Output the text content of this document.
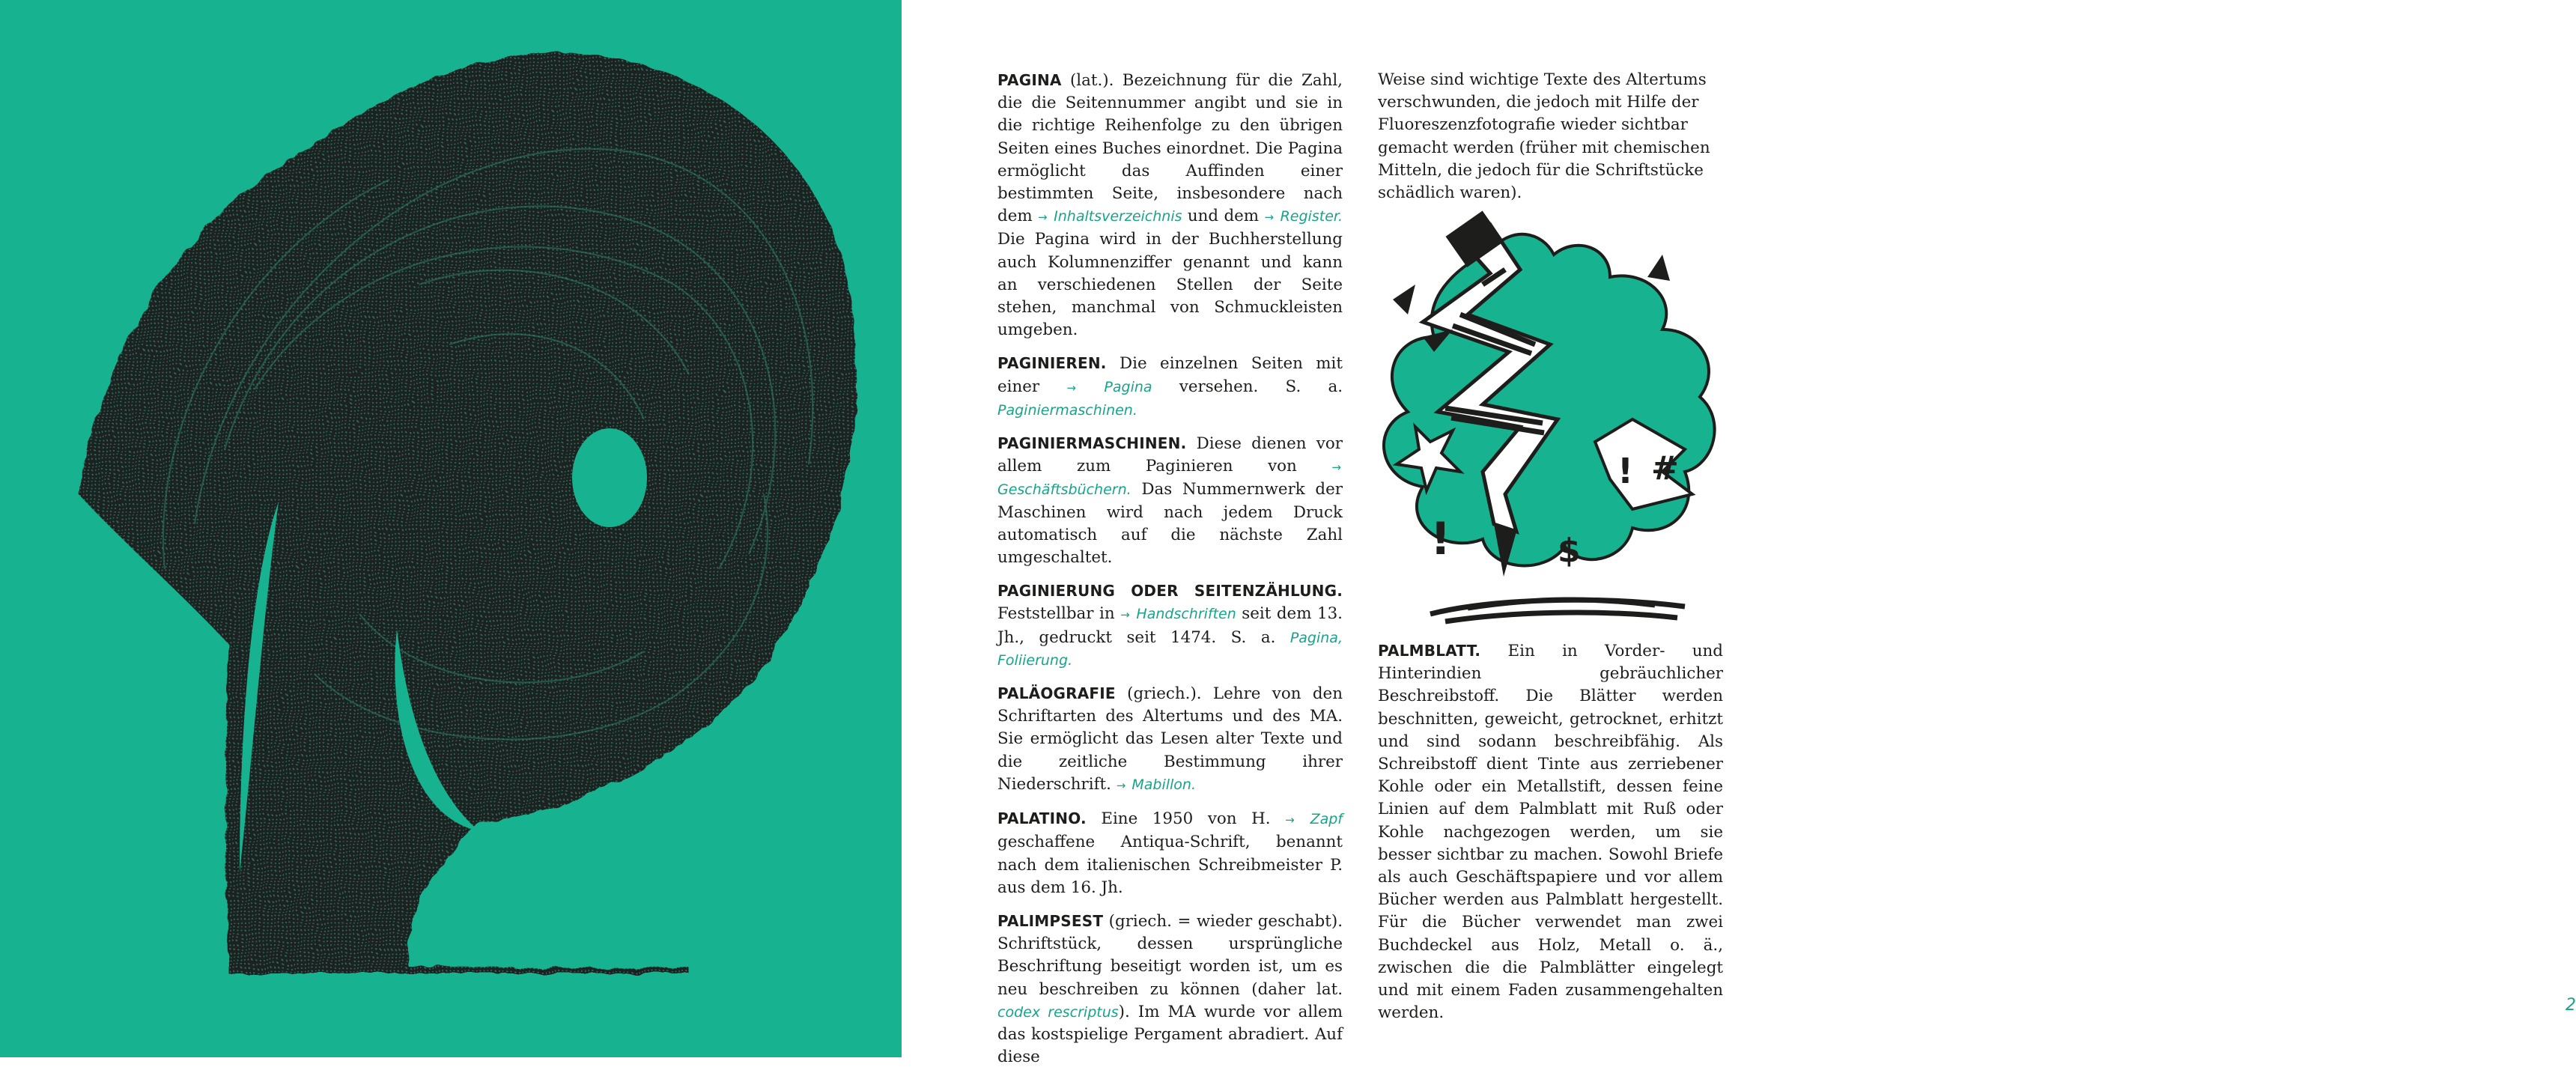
PAGINA (lat.). Bezeichnung für die Zahl, die die Seitennummer angibt und sie in die richtige Reihenfolge zu den übrigen Seiten eines Buches einordnet. Die Pagina ermöglicht das Auffinden einer bestimmten Seite, insbesondere nach dem → Inhaltsverzeichnis und dem → Register. Die Pagina wird in der Buchherstellung auch Kolumnenziffer genannt und kann an verschiedenen Stellen der Seite stehen, manchmal von Schmuckleisten umgeben.

PAGINIEREN. Die einzelnen Seiten mit einer → Pagina versehen. S. a. Paginiermaschinen.

PAGINIERMASCHINEN. Diese dienen vor allem zum Paginieren von → Geschäftsbüchern. Das Nummernwerk der Maschinen wird nach jedem Druck automatisch auf die nächste Zahl umgeschaltet.

PAGINIERUNG ODER SEITENZÄHLUNG. Feststellbar in → Handschriften seit dem 13. Jh., gedruckt seit 1474. S. a. Pagina, Foliierung.

PALÄOGRAFIE (griech.). Lehre von den Schriftarten des Altertums und des MA. Sie ermöglicht das Lesen alter Texte und die zeitliche Bestimmung ihrer Niederschrift. → Mabillon.

PALATINO. Eine 1950 von H. → Zapf geschaffene Antiqua-Schrift, benannt nach dem italienischen Schreibmeister P. aus dem 16. Jh.

PALIMPSEST (griech. = wieder geschabt). Schriftstück, dessen ursprüngliche Beschriftung beseitigt worden ist, um es neu beschreiben zu können (daher lat. codex rescriptus). Im MA wurde vor allem das kostspielige Pergament abradiert. Auf diese

Weise sind wichtige Texte des Altertums verschwunden, die jedoch mit Hilfe der Fluoreszenzfotografie wieder sichtbar gemacht werden (früher mit chemischen Mitteln, die jedoch für die Schriftstücke schädlich waren).

PALMBLATT. Ein in Vorder- und Hinterindien gebräuchlicher Beschreibstoff. Die Blätter werden beschnitten, geweicht, getrocknet, erhitzt und sind sodann beschreibfähig. Als Schreibstoff dient Tinte aus zerriebener Kohle oder ein Metallstift, dessen feine Linien auf dem Palmblatt mit Ruß oder Kohle nachgezogen werden, um sie besser sichtbar zu machen. Sowohl Briefe als auch Geschäftspapiere und vor allem Bücher werden aus Palmblatt hergestellt. Für die Bücher verwendet man zwei Buchdeckel aus Holz, Metall o. ä., zwischen die die Palmblätter eingelegt und mit einem Faden zusammengehalten werden.	2
! #
$
!
